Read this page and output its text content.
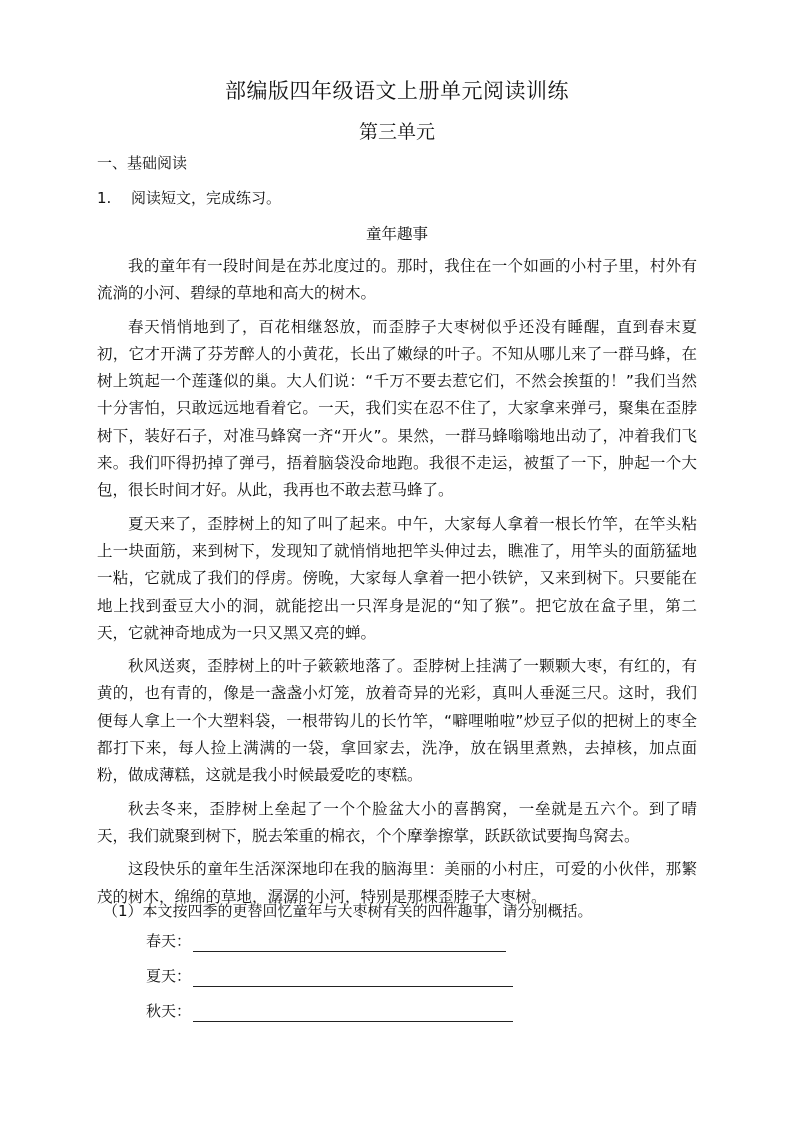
部编版四年级语文上册单元阅读训练
第三单元
一、基础阅读
1. 阅读短文，完成练习。
童年趣事

我的童年有一段时间是在苏北度过的。那时，我住在一个如画的小村子里，村外有流淌的小河、碧绿的草地和高大的树木。

春天悄悄地到了，百花相继怒放，而歪脖子大枣树似乎还没有睡醒，直到春末夏初，它才开满了芬芳醉人的小黄花，长出了嫩绿的叶子。不知从哪儿来了一群马蜂，在树上筑起一个莲蓬似的巢。大人们说：“千万不要去惹它们，不然会挨蜇的！”我们当然十分害怕，只敢远远地看着它。一天，我们实在忍不住了，大家拿来弹弓，聚集在歪脖树下，装好石子，对准马蜂窝一齐“开火”。果然，一群马蜂嗡嗡地出动了，冲着我们飞来。我们吓得扔掉了弹弓，捂着脑袋没命地跑。我很不走运，被蜇了一下，肿起一个大包，很长时间才好。从此，我再也不敢去惹马蜂了。

夏天来了，歪脖树上的知了叫了起来。中午，大家每人拿着一根长竹竿，在竿头粘上一块面筋，来到树下，发现知了就悄悄地把竿头伸过去，瞧准了，用竿头的面筋猛地一粘，它就成了我们的俘虏。傍晚，大家每人拿着一把小铁铲，又来到树下。只要能在地上找到蚕豆大小的洞，就能挖出一只浑身是泥的“知了猴”。把它放在盒子里，第二天，它就神奇地成为一只又黑又亮的蝉。

秋风送爽，歪脖树上的叶子簌簌地落了。歪脖树上挂满了一颗颗大枣，有红的，有黄的，也有青的，像是一盏盏小灯笼，放着奇异的光彩，真叫人垂涎三尺。这时，我们便每人拿上一个大塑料袋，一根带钩儿的长竹竿，“噼哩啪啦”炒豆子似的把树上的枣全都打下来，每人捡上满满的一袋，拿回家去，洗净，放在锅里煮熟，去掉核，加点面粉，做成薄糕，这就是我小时候最爱吃的枣糕。

秋去冬来，歪脖树上垒起了一个个脸盆大小的喜鹊窝，一垒就是五六个。到了晴天，我们就聚到树下，脱去笨重的棉衣，个个摩拳擦掌，跃跃欲试要掏鸟窝去。

这段快乐的童年生活深深地印在我的脑海里：美丽的小村庄，可爱的小伙伴，那繁茂的树木，绵绵的草地，潺潺的小河，特别是那棵歪脖子大枣树。

（1）本文按四季的更替回忆童年与大枣树有关的四件趣事，请分别概括。
春天：
夏天：
秋天：
